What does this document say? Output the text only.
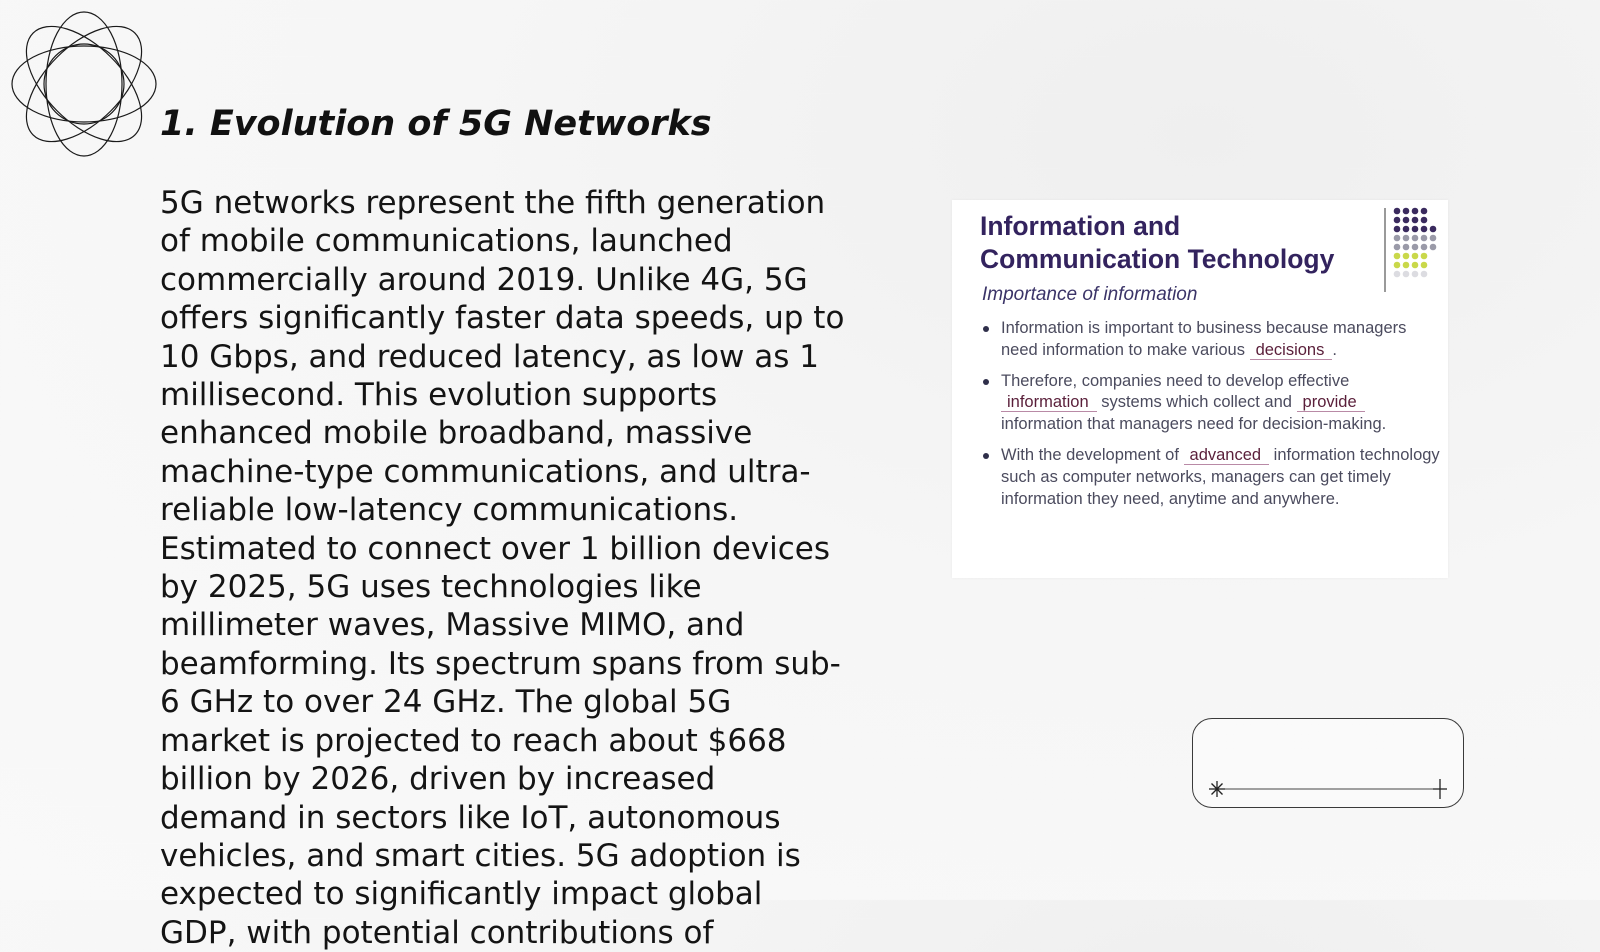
1. Evolution of 5G Networks

5G networks represent the fifth generation of mobile communications, launched commercially around 2019. Unlike 4G, 5G offers significantly faster data speeds, up to 10 Gbps, and reduced latency, as low as 1 millisecond. This evolution supports enhanced mobile broadband, massive machine-type communications, and ultra-reliable low-latency communications. Estimated to connect over 1 billion devices by 2025, 5G uses technologies like millimeter waves, Massive MIMO, and beamforming. Its spectrum spans from sub-6 GHz to over 24 GHz. The global 5G market is projected to reach about $668 billion by 2026, driven by increased demand in sectors like IoT, autonomous vehicles, and smart cities. 5G adoption is expected to significantly impact global GDP, with potential contributions of

Information and Communication Technology

Importance of information

Information is important to business because managers need information to make various decisions .
Therefore, companies need to develop effective information systems which collect and provide information that managers need for decision-making.
With the development of advanced information technology such as computer networks, managers can get timely information they need, anytime and anywhere.
